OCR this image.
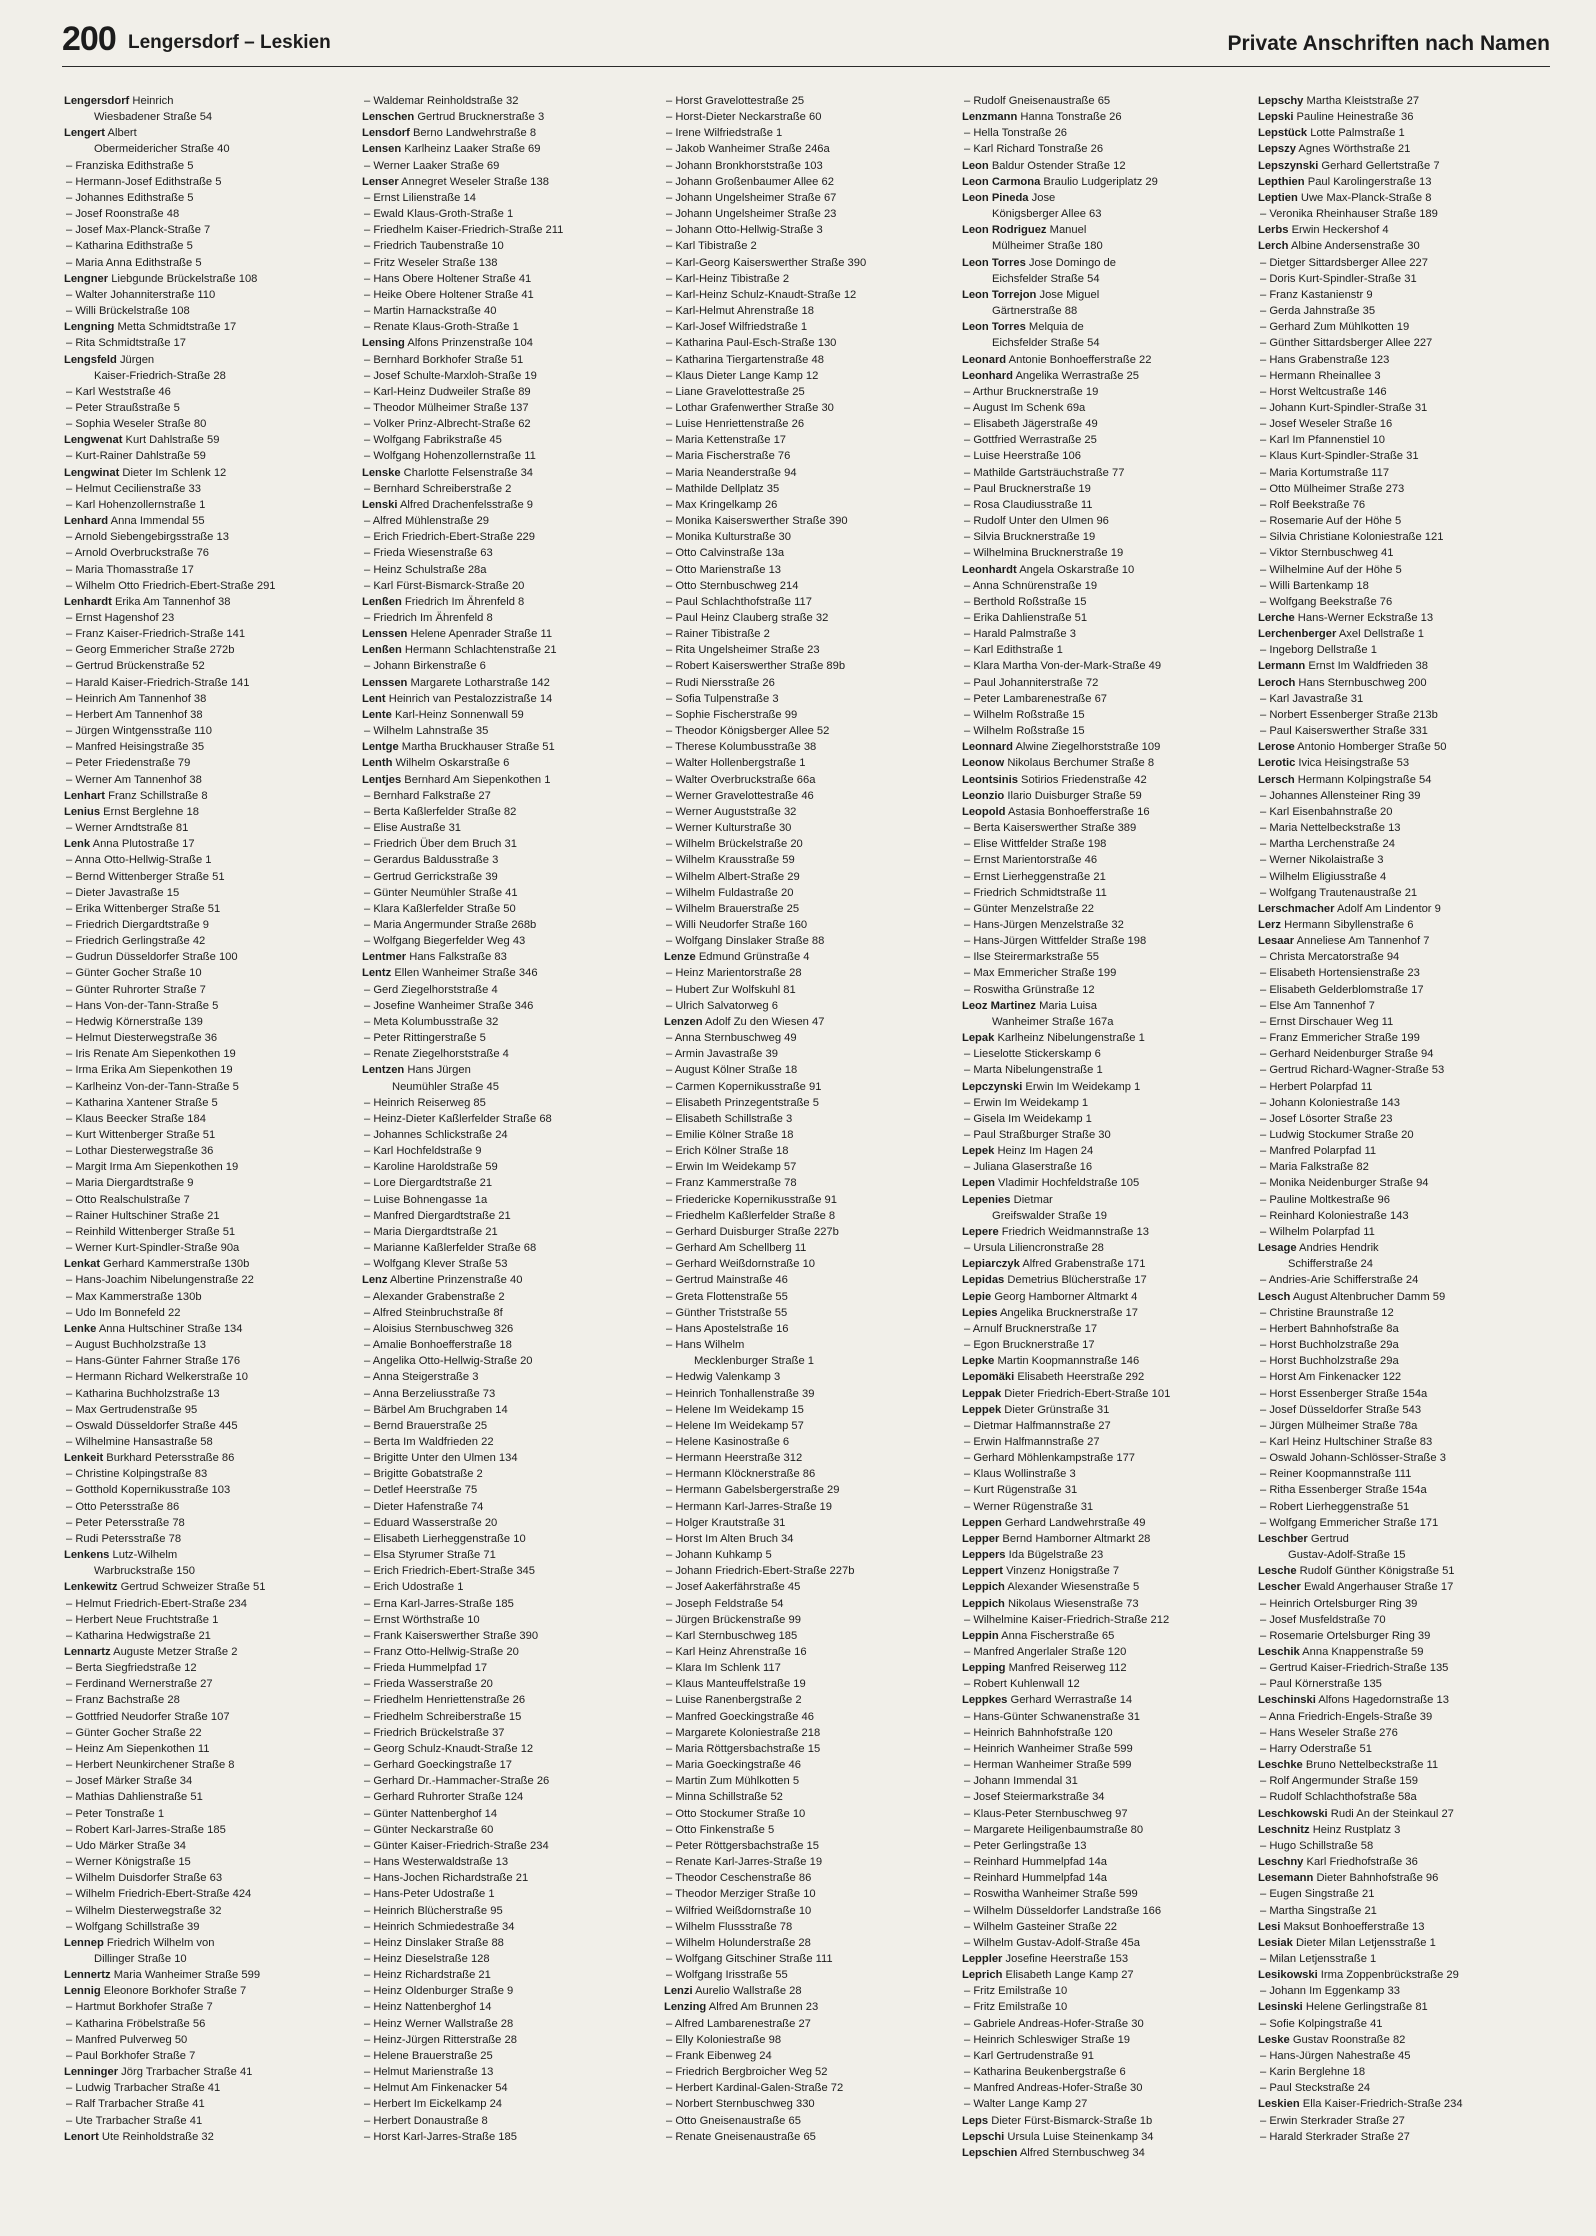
200 Lengersdorf – Leskien	Private Anschriften nach Namen
Lengersdorf Heinrich
Wiesbadener Straße 54
Lengert Albert
Obermeidericher Straße 40
– Franziska Edithstraße 5
– Hermann-Josef Edithstraße 5
– Johannes Edithstraße 5
– Josef Roonstraße 48
– Josef Max-Planck-Straße 7
– Katharina Edithstraße 5
– Maria Anna Edithstraße 5
Lengner Liebgunde Brückelstraße 108
– Walter Johanniterstraße 110
– Willi Brückelstraße 108
Lengning Metta Schmidtstraße 17
– Rita Schmidtstraße 17
Lengsfeld Jürgen
Kaiser-Friedrich-Straße 28
– Karl Weststraße 46
– Peter Straußstraße 5
– Sophia Weseler Straße 80
Lengwenat Kurt Dahlstraße 59
– Kurt-Rainer Dahlstraße 59
Lengwinat Dieter Im Schlenk 12
– Helmut Cecilienstraße 33
– Karl Hohenzollernstraße 1
Lenhard Anna Immendal 55
– Arnold Siebengebirgsstraße 13
– Arnold Overbruckstraße 76
– Maria Thomasstraße 17
– Wilhelm Otto Friedrich-Ebert-Straße 291
Lenhardt Erika Am Tannenhof 38
– Ernst Hagenshof 23
– Franz Kaiser-Friedrich-Straße 141
– Georg Emmericher Straße 272b
– Gertrud Brückenstraße 52
– Harald Kaiser-Friedrich-Straße 141
– Heinrich Am Tannenhof 38
– Herbert Am Tannenhof 38
– Jürgen Wintgensstraße 110
– Manfred Heisingstraße 35
– Peter Friedenstraße 79
– Werner Am Tannenhof 38
Lenhart Franz Schillstraße 8
Lenius Ernst Berglehne 18
– Werner Arndtstraße 81
Lenk Anna Plutostraße 17
– Anna Otto-Hellwig-Straße 1
– Bernd Wittenberger Straße 51
– Dieter Javastraße 15
– Erika Wittenberger Straße 51
– Friedrich Diergardtstraße 9
– Friedrich Gerlingstraße 42
– Gudrun Düsseldorfer Straße 100
– Günter Gocher Straße 10
– Günter Ruhrorter Straße 7
– Hans Von-der-Tann-Straße 5
– Hedwig Körnerstraße 139
– Helmut Diesterwegstraße 36
– Iris Renate Am Siepenkothen 19
– Irma Erika Am Siepenkothen 19
– Karlheinz Von-der-Tann-Straße 5
– Katharina Xantener Straße 5
– Klaus Beecker Straße 184
– Kurt Wittenberger Straße 51
– Lothar Diesterwegstraße 36
– Margit Irma Am Siepenkothen 19
– Maria Diergardtstraße 9
– Otto Realschulstraße 7
– Rainer Hultschiner Straße 21
– Reinhild Wittenberger Straße 51
– Werner Kurt-Spindler-Straße 90a
Lenkat Gerhard Kammerstraße 130b
– Hans-Joachim Nibelungenstraße 22
– Max Kammerstraße 130b
– Udo Im Bonnefeld 22
Lenke Anna Hultschiner Straße 134
– August Buchholzstraße 13
– Hans-Günter Fahrner Straße 176
– Hermann Richard Welkerstraße 10
– Katharina Buchholzstraße 13
– Max Gertrudenstraße 95
– Oswald Düsseldorfer Straße 445
– Wilhelmine Hansastraße 58
Lenkeit Burkhard Petersstraße 86
– Christine Kolpingstraße 83
– Gotthold Kopernikusstraße 103
– Otto Petersstraße 86
– Peter Petersstraße 78
– Rudi Petersstraße 78
Lenkens Lutz-Wilhelm
Warbruckstraße 150
Lenkewitz Gertrud Schweizer Straße 51
– Helmut Friedrich-Ebert-Straße 234
– Herbert Neue Fruchtstraße 1
– Katharina Hedwigstraße 21
Lennartz Auguste Metzer Straße 2
– Berta Siegfriedstraße 12
– Ferdinand Wernerstraße 27
– Franz Bachstraße 28
– Gottfried Neudorfer Straße 107
– Günter Gocher Straße 22
– Heinz Am Siepenkothen 11
– Herbert Neunkirchener Straße 8
– Josef Märker Straße 34
– Mathias Dahlienstraße 51
– Peter Tonstraße 1
– Robert Karl-Jarres-Straße 185
– Udo Märker Straße 34
– Werner Königstraße 15
– Wilhelm Duisdorfer Straße 63
– Wilhelm Friedrich-Ebert-Straße 424
– Wilhelm Diesterwegstraße 32
– Wolfgang Schillstraße 39
Lennep Friedrich Wilhelm von
Dillinger Straße 10
Lennertz Maria Wanheimer Straße 599
Lennig Eleonore Borkhofer Straße 7
– Hartmut Borkhofer Straße 7
– Katharina Fröbelstraße 56
– Manfred Pulverweg 50
– Paul Borkhofer Straße 7
Lenninger Jörg Trarbacher Straße 41
– Ludwig Trarbacher Straße 41
– Ralf Trarbacher Straße 41
– Ute Trarbacher Straße 41
Lenort Ute Reinholdstraße 32
– Waldemar Reinholdstraße 32
Lenschen Gertrud Brucknerstraße 3
Lensdorf Berno Landwehrstraße 8
Lensen Karlheinz Laaker Straße 69
– Werner Laaker Straße 69
Lenser Annegret Weseler Straße 138
– Ernst Lilienstraße 14
– Ewald Klaus-Groth-Straße 1
– Friedhelm Kaiser-Friedrich-Straße 211
– Friedrich Taubenstraße 10
– Fritz Weseler Straße 138
– Hans Obere Holtener Straße 41
– Heike Obere Holtener Straße 41
– Martin Harnackstraße 40
– Renate Klaus-Groth-Straße 1
Lensing Alfons Prinzenstraße 104
– Bernhard Borkhofer Straße 51
– Josef Schulte-Marxloh-Straße 19
– Karl-Heinz Dudweiler Straße 89
– Theodor Mülheimer Straße 137
– Volker Prinz-Albrecht-Straße 62
– Wolfgang Fabrikstraße 45
– Wolfgang Hohenzollernstraße 11
Lenske Charlotte Felsenstraße 34
– Bernhard Schreiberstraße 2
Lenski Alfred Drachenfelsstraße 9
– Alfred Mühlenstraße 29
– Erich Friedrich-Ebert-Straße 229
– Frieda Wiesenstraße 63
– Heinz Schulstraße 28a
– Karl Fürst-Bismarck-Straße 20
Lenßen Friedrich Im Ährenfeld 8
– Friedrich Im Ährenfeld 8
Lenssen Helene Apenrader Straße 11
Lenßen Hermann Schlachtenstraße 21
– Johann Birkenstraße 6
Lenssen Margarete Lotharstraße 142
Lent Heinrich van Pestalozzistraße 14
Lente Karl-Heinz Sonnenwall 59
– Wilhelm Lahnstraße 35
Lentge Martha Bruckhauser Straße 51
Lenth Wilhelm Oskarstraße 6
Lentjes Bernhard Am Siepenkothen 1
– Bernhard Falkstraße 27
– Berta Kaßlerfelder Straße 82
– Elise Austraße 31
– Friedrich Über dem Bruch 31
– Gerardus Baldusstraße 3
– Gertrud Gerrickstraße 39
– Günter Neumühler Straße 41
– Klara Kaßlerfelder Straße 50
– Maria Angermunder Straße 268b
– Wolfgang Biegerfelder Weg 43
Lentmer Hans Falkstraße 83
Lentz Ellen Wanheimer Straße 346
– Gerd Ziegelhorststraße 4
– Josefine Wanheimer Straße 346
– Meta Kolumbusstraße 32
– Peter Rittingerstraße 5
– Renate Ziegelhorststraße 4
Lentzen Hans Jürgen
Neumühler Straße 45
– Heinrich Reiserweg 85
– Heinz-Dieter Kaßlerfelder Straße 68
– Johannes Schlickstraße 24
– Karl Hochfeldstraße 9
– Karoline Haroldstraße 59
– Lore Diergardtstraße 21
– Luise Bohnengasse 1a
– Manfred Diergardtstraße 21
– Maria Diergardtstraße 21
– Marianne Kaßlerfelder Straße 68
– Wolfgang Klever Straße 53
Lenz Albertine Prinzenstraße 40
– Alexander Grabenstraße 2
– Alfred Steinbruchstraße 8f
– Aloisius Sternbuschweg 326
– Amalie Bonhoefferstraße 18
– Angelika Otto-Hellwig-Straße 20
– Anna Steigerstraße 3
– Anna Berzeliusstraße 73
– Bärbel Am Bruchgraben 14
– Bernd Brauerstraße 25
– Berta Im Waldfrieden 22
– Brigitte Unter den Ulmen 134
– Brigitte Gobatstraße 2
– Detlef Heerstraße 75
– Dieter Hafenstraße 74
– Eduard Wasserstraße 20
– Elisabeth Lierheggenstraße 10
– Elsa Styrumer Straße 71
– Erich Friedrich-Ebert-Straße 345
– Erich Udostraße 1
– Erna Karl-Jarres-Straße 185
– Ernst Wörthstraße 10
– Frank Kaiserswerther Straße 390
– Franz Otto-Hellwig-Straße 20
– Frieda Hummelpfad 17
– Frieda Wasserstraße 20
– Friedhelm Henriettenstraße 26
– Friedhelm Schreiberstraße 15
– Friedrich Brückelstraße 37
– Georg Schulz-Knaudt-Straße 12
– Gerhard Goeckingstraße 17
– Gerhard Dr.-Hammacher-Straße 26
– Gerhard Ruhrorter Straße 124
– Günter Nattenberghof 14
– Günter Neckarstraße 60
– Günter Kaiser-Friedrich-Straße 234
– Hans Westerwaldstraße 13
– Hans-Jochen Richardstraße 21
– Hans-Peter Udostraße 1
– Heinrich Blücherstraße 95
– Heinrich Schmiedestraße 34
– Heinz Dinslaker Straße 88
– Heinz Dieselstraße 128
– Heinz Richardstraße 21
– Heinz Oldenburger Straße 9
– Heinz Nattenberghof 14
– Heinz Werner Wallstraße 28
– Heinz-Jürgen Ritterstraße 28
– Helene Brauerstraße 25
– Helmut Marienstraße 13
– Helmut Am Finkenacker 54
– Herbert Im Eickelkamp 24
– Herbert Donaustraße 8
– Horst Karl-Jarres-Straße 185
– Horst Gravelottestraße 25
– Horst-Dieter Neckarstraße 60
– Irene Wilfriedstraße 1
– Jakob Wanheimer Straße 246a
– Johann Bronkhorststraße 103
– Johann Großenbaumer Allee 62
– Johann Ungelsheimer Straße 67
– Johann Ungelsheimer Straße 23
– Johann Otto-Hellwig-Straße 3
– Karl Tibistraße 2
– Karl-Georg Kaiserswerther Straße 390
– Karl-Heinz Tibistraße 2
– Karl-Heinz Schulz-Knaudt-Straße 12
– Karl-Helmut Ahrenstraße 18
– Karl-Josef Wilfriedstraße 1
– Katharina Paul-Esch-Straße 130
– Katharina Tiergartenstraße 48
– Klaus Dieter Lange Kamp 12
– Liane Gravelottestraße 25
– Lothar Grafenwerther Straße 30
– Luise Henriettenstraße 26
– Maria Kettenstraße 17
– Maria Fischerstraße 76
– Maria Neanderstraße 94
– Mathilde Dellplatz 35
– Max Kringelkamp 26
– Monika Kaiserswerther Straße 390
– Monika Kulturstraße 30
– Otto Calvinstraße 13a
– Otto Marienstraße 13
– Otto Sternbuschweg 214
– Paul Schlachthofstraße 117
– Paul Heinz Clauberg straße 32
– Rainer Tibistraße 2
– Rita Ungelsheimer Straße 23
– Robert Kaiserswerther Straße 89b
– Rudi Niersstraße 26
– Sofia Tulpenstraße 3
– Sophie Fischerstraße 99
– Theodor Königsberger Allee 52
– Therese Kolumbusstraße 38
– Walter Hollenbergstraße 1
– Walter Overbruckstraße 66a
– Werner Gravelottestraße 46
– Werner Auguststraße 32
– Werner Kulturstraße 30
– Wilhelm Brückelstraße 20
– Wilhelm Krausstraße 59
– Wilhelm Albert-Straße 29
– Wilhelm Fuldastraße 20
– Wilhelm Brauerstraße 25
– Willi Neudorfer Straße 160
– Wolfgang Dinslaker Straße 88
Lenze Edmund Grünstraße 4
– Heinz Marientorstraße 28
– Hubert Zur Wolfskuhl 81
– Ulrich Salvatorweg 6
Lenzen Adolf Zu den Wiesen 47
– Anna Sternbuschweg 49
– Armin Javastraße 39
– August Kölner Straße 18
– Carmen Kopernikusstraße 91
– Elisabeth Prinzegentstraße 5
– Elisabeth Schillstraße 3
– Emilie Kölner Straße 18
– Erich Kölner Straße 18
– Erwin Im Weidekamp 57
– Franz Kammerstraße 78
– Friedericke Kopernikusstraße 91
– Friedhelm Kaßlerfelder Straße 8
– Gerhard Duisburger Straße 227b
– Gerhard Am Schellberg 11
– Gerhard Weißdornstraße 10
– Gertrud Mainstraße 46
– Greta Flottenstraße 55
– Günther Triststraße 55
– Hans Apostelstraße 16
– Hans Wilhelm
Mecklenburger Straße 1
– Hedwig Valenkamp 3
– Heinrich Tonhallenstraße 39
– Helene Im Weidekamp 15
– Helene Im Weidekamp 57
– Helene Kasinostraße 6
– Hermann Heerstraße 312
– Hermann Klöcknerstraße 86
– Hermann Gabelsbergerstraße 29
– Hermann Karl-Jarres-Straße 19
– Holger Krautstraße 31
– Horst Im Alten Bruch 34
– Johann Kuhkamp 5
– Johann Friedrich-Ebert-Straße 227b
– Josef Aakerfährstraße 45
– Joseph Feldstraße 54
– Jürgen Brückenstraße 99
– Karl Sternbuschweg 185
– Karl Heinz Ahrenstraße 16
– Klara Im Schlenk 117
– Klaus Manteuffelstraße 19
– Luise Ranenbergstraße 2
– Manfred Goeckingstraße 46
– Margarete Koloniestraße 218
– Maria Röttgersbachstraße 15
– Maria Goeckingstraße 46
– Martin Zum Mühlkotten 5
– Minna Schillstraße 52
– Otto Stockumer Straße 10
– Otto Finkenstraße 5
– Peter Röttgersbachstraße 15
– Renate Karl-Jarres-Straße 19
– Theodor Ceschenstraße 86
– Theodor Merziger Straße 10
– Wilfried Weißdornstraße 10
– Wilhelm Flussstraße 78
– Wilhelm Holunderstraße 28
– Wolfgang Gitschiner Straße 111
– Wolfgang Irisstraße 55
Lenzi Aurelio Wallstraße 28
Lenzing Alfred Am Brunnen 23
– Alfred Lambarenestraße 27
– Elly Koloniestraße 98
– Frank Eibenweg 24
– Friedrich Bergbroicher Weg 52
– Herbert Kardinal-Galen-Straße 72
– Norbert Sternbuschweg 330
– Otto Gneisenaustraße 65
– Renate Gneisenaustraße 65
– Rudolf Gneisenaustraße 65
Lenzmann Hanna Tonstraße 26
– Hella Tonstraße 26
– Karl Richard Tonstraße 26
Leon Baldur Ostender Straße 12
Leon Carmona Braulio Ludgeriplatz 29
Leon Pineda Jose
Königsberger Allee 63
Leon Rodriguez Manuel
Mülheimer Straße 180
Leon Torres Jose Domingo de
Eichsfelder Straße 54
Leon Torrejon Jose Miguel
Gärtnerstraße 88
Leon Torres Melquia de
Eichsfelder Straße 54
Leonard Antonie Bonhoefferstraße 22
Leonhard Angelika Werrastraße 25
– Arthur Brucknerstraße 19
– August Im Schenk 69a
– Elisabeth Jägerstraße 49
– Gottfried Werrastraße 25
– Luise Heerstraße 106
– Mathilde Gartsträuchstraße 77
– Paul Brucknerstraße 19
– Rosa Claudiusstraße 11
– Rudolf Unter den Ulmen 96
– Silvia Brucknerstraße 19
– Wilhelmina Brucknerstraße 19
Leonhardt Angela Oskarstraße 10
– Anna Schnürenstraße 19
– Berthold Roßstraße 15
– Erika Dahlienstraße 51
– Harald Palmstraße 3
– Karl Edithstraße 1
– Klara Martha Von-der-Mark-Straße 49
– Paul Johanniterstraße 72
– Peter Lambarenestraße 67
– Wilhelm Roßstraße 15
– Wilhelm Roßstraße 15
Leonnard Alwine Ziegelhorststraße 109
Leonow Nikolaus Berchumer Straße 8
Leontsinis Sotirios Friedenstraße 42
Leonzio Ilario Duisburger Straße 59
Leopold Astasia Bonhoefferstraße 16
– Berta Kaiserswerther Straße 389
– Elise Wittfelder Straße 198
– Ernst Marientorstraße 46
– Ernst Lierheggenstraße 21
– Friedrich Schmidtstraße 11
– Günter Menzelstraße 22
– Hans-Jürgen Menzelstraße 32
– Hans-Jürgen Wittfelder Straße 198
– Ilse Steirermarkstraße 55
– Max Emmericher Straße 199
– Roswitha Grünstraße 12
Leoz Martinez Maria Luisa
Wanheimer Straße 167a
Lepak Karlheinz Nibelungenstraße 1
– Lieselotte Stickerskamp 6
– Marta Nibelungenstraße 1
Lepczynski Erwin Im Weidekamp 1
– Erwin Im Weidekamp 1
– Gisela Im Weidekamp 1
– Paul Straßburger Straße 30
Lepek Heinz Im Hagen 24
– Juliana Glaserstraße 16
Lepen Vladimir Hochfeldstraße 105
Lepenies Dietmar
Greifswalder Straße 19
Lepere Friedrich Weidmannstraße 13
– Ursula Liliencronstraße 28
Lepiarczyk Alfred Grabenstraße 171
Lepidas Demetrius Blücherstraße 17
Lepie Georg Hamborner Altmarkt 4
Lepies Angelika Brucknerstraße 17
– Arnulf Brucknerstraße 17
– Egon Brucknerstraße 17
Lepke Martin Koopmannstraße 146
Lepomäki Elisabeth Heerstraße 292
Leppak Dieter Friedrich-Ebert-Straße 101
Leppek Dieter Grünstraße 31
– Dietmar Halfmannstraße 27
– Erwin Halfmannstraße 27
– Gerhard Möhlenkampstraße 177
– Klaus Wollinstraße 3
– Kurt Rügenstraße 31
– Werner Rügenstraße 31
Leppen Gerhard Landwehrstraße 49
Lepper Bernd Hamborner Altmarkt 28
Leppers Ida Bügelstraße 23
Leppert Vinzenz Honigstraße 7
Leppich Alexander Wiesenstraße 5
Leppich Nikolaus Wiesenstraße 73
– Wilhelmine Kaiser-Friedrich-Straße 212
Leppin Anna Fischerstraße 65
– Manfred Angerlaler Straße 120
Lepping Manfred Reiserweg 112
– Robert Kuhlenwall 12
Leppkes Gerhard Werrastraße 14
– Hans-Günter Schwanenstraße 31
– Heinrich Bahnhofstraße 120
– Heinrich Wanheimer Straße 599
– Herman Wanheimer Straße 599
– Johann Immendal 31
– Josef Steiermarkstraße 34
– Klaus-Peter Sternbuschweg 97
– Margarete Heiligenbaumstraße 80
– Peter Gerlingstraße 13
– Reinhard Hummelpfad 14a
– Reinhard Hummelpfad 14a
– Roswitha Wanheimer Straße 599
– Wilhelm Düsseldorfer Landstraße 166
– Wilhelm Gasteiner Straße 22
– Wilhelm Gustav-Adolf-Straße 45a
Leppler Josefine Heerstraße 153
Leprich Elisabeth Lange Kamp 27
– Fritz Emilstraße 10
– Fritz Emilstraße 10
– Gabriele Andreas-Hofer-Straße 30
– Heinrich Schleswiger Straße 19
– Karl Gertrudenstraße 91
– Katharina Beukenbergstraße 6
– Manfred Andreas-Hofer-Straße 30
– Walter Lange Kamp 27
Leps Dieter Fürst-Bismarck-Straße 1b
Lepschi Ursula Luise Steinenkamp 34
Lepschien Alfred Sternbuschweg 34
Lepschy Martha Kleiststraße 27
Lepski Pauline Heinestraße 36
Lepstück Lotte Palmstraße 1
Lepszy Agnes Wörthstraße 21
Lepszynski Gerhard Gellertstraße 7
Lepthien Paul Karolingerstraße 13
Leptien Uwe Max-Planck-Straße 8
– Veronika Rheinhauser Straße 189
Lerbs Erwin Heckershof 4
Lerch Albine Andersenstraße 30
– Dietger Sittardsberger Allee 227
– Doris Kurt-Spindler-Straße 31
– Franz Kastanienstr 9
– Gerda Jahnstraße 35
– Gerhard Zum Mühlkotten 19
– Günther Sittardsberger Allee 227
– Hans Grabenstraße 123
– Hermann Rheinallee 3
– Horst Weltcustraße 146
– Johann Kurt-Spindler-Straße 31
– Josef Weseler Straße 16
– Karl Im Pfannenstiel 10
– Klaus Kurt-Spindler-Straße 31
– Maria Kortumstraße 117
– Otto Mülheimer Straße 273
– Rolf Beekstraße 76
– Rosemarie Auf der Höhe 5
– Silvia Christiane Koloniestraße 121
– Viktor Sternbuschweg 41
– Wilhelmine Auf der Höhe 5
– Willi Bartenkamp 18
– Wolfgang Beekstraße 76
Lerche Hans-Werner Eckstraße 13
Lerchenberger Axel Dellstraße 1
– Ingeborg Dellstraße 1
Lermann Ernst Im Waldfrieden 38
Leroch Hans Sternbuschweg 200
– Karl Javastraße 31
– Norbert Essenberger Straße 213b
– Paul Kaiserswerther Straße 331
Lerose Antonio Homberger Straße 50
Lerotic Ivica Heisingstraße 53
Lersch Hermann Kolpingstraße 54
– Johannes Allensteiner Ring 39
– Karl Eisenbahnstraße 20
– Maria Nettelbeckstraße 13
– Martha Lerchenstraße 24
– Werner Nikolaistraße 3
– Wilhelm Eligiusstraße 4
– Wolfgang Trautenaustraße 21
Lerschmacher Adolf Am Lindentor 9
Lerz Hermann Sibyllenstraße 6
Lesaar Anneliese Am Tannenhof 7
– Christa Mercatorstraße 94
– Elisabeth Hortensienstraße 23
– Elisabeth Gelderblomstraße 17
– Else Am Tannenhof 7
– Ernst Dirschauer Weg 11
– Franz Emmericher Straße 199
– Gerhard Neidenburger Straße 94
– Gertrud Richard-Wagner-Straße 53
– Herbert Polarpfad 11
– Johann Koloniestraße 143
– Josef Lösorter Straße 23
– Ludwig Stockumer Straße 20
– Manfred Polarpfad 11
– Maria Falkstraße 82
– Monika Neidenburger Straße 94
– Pauline Moltkestraße 96
– Reinhard Koloniestraße 143
– Wilhelm Polarpfad 11
Lesage Andries Hendrik
Schifferstraße 24
– Andries-Arie Schifferstraße 24
Lesch August Altenbrucher Damm 59
– Christine Braunstraße 12
– Herbert Bahnhofstraße 8a
– Horst Buchholzstraße 29a
– Horst Buchholzstraße 29a
– Horst Am Finkenacker 122
– Horst Essenberger Straße 154a
– Josef Düsseldorfer Straße 543
– Jürgen Mülheimer Straße 78a
– Karl Heinz Hultschiner Straße 83
– Oswald Johann-Schlösser-Straße 3
– Reiner Koopmannstraße 111
– Ritha Essenberger Straße 154a
– Robert Lierheggenstraße 51
– Wolfgang Emmericher Straße 171
Leschber Gertrud
Gustav-Adolf-Straße 15
Lesche Rudolf Günther Königstraße 51
Lescher Ewald Angerhauser Straße 17
– Heinrich Ortelsburger Ring 39
– Josef Musfeldstraße 70
– Rosemarie Ortelsburger Ring 39
Leschik Anna Knappenstraße 59
– Gertrud Kaiser-Friedrich-Straße 135
– Paul Körnerstraße 135
Leschinski Alfons Hagedornstraße 13
– Anna Friedrich-Engels-Straße 39
– Hans Weseler Straße 276
– Harry Oderstraße 51
Leschke Bruno Nettelbeckstraße 11
– Rolf Angermunder Straße 159
– Rudolf Schlachthofstraße 58a
Leschkowski Rudi An der Steinkaul 27
Leschnitz Heinz Rustplatz 3
– Hugo Schillstraße 58
Leschny Karl Friedhofstraße 36
Lesemann Dieter Bahnhofstraße 96
– Eugen Singstraße 21
– Martha Singstraße 21
Lesi Maksut Bonhoefferstraße 13
Lesiak Dieter Milan Letjensstraße 1
– Milan Letjensstraße 1
Lesikowski Irma Zoppenbrückstraße 29
– Johann Im Eggenkamp 33
Lesinski Helene Gerlingstraße 81
– Sofie Kolpingstraße 41
Leske Gustav Roonstraße 82
– Hans-Jürgen Nahestraße 45
– Karin Berglehne 18
– Paul Steckstraße 24
Leskien Ella Kaiser-Friedrich-Straße 234
– Erwin Sterkrader Straße 27
– Harald Sterkrader Straße 27
